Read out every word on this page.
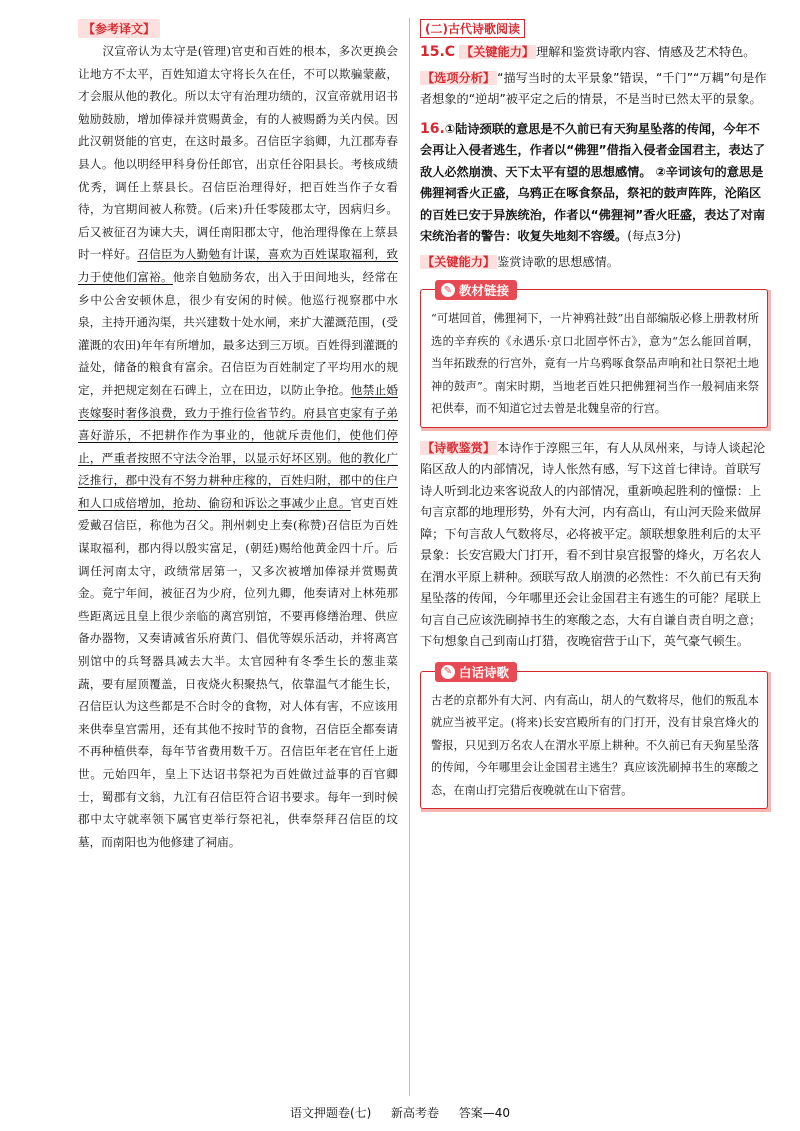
【参考译文】

汉宣帝认为太守是(管理)官吏和百姓的根本，多次更换会让地方不太平，百姓知道太守将长久在任，不可以欺骗蒙蔽，才会服从他的教化。所以太守有治理功绩的，汉宣帝就用诏书勉励鼓励，增加俸禄并赏赐黄金，有的人被赐爵为关内侯。因此汉朝贤能的官吏，在这时最多。召信臣字翁卿，九江郡寿春县人。他以明经甲科身份任郎官，出京任谷阳县长。考核成绩优秀，调任上蔡县长。召信臣治理得好，把百姓当作子女看待，为官期间被人称赞。(后来)升任零陵郡太守，因病归乡。后又被征召为谏大夫，调任南阳郡太守，他治理得像在上蔡县时一样好。召信臣为人勤勉有计谋，喜欢为百姓谋取福利，致力于使他们富裕。他亲自勉励务农，出入于田间地头，经常在乡中公舍安顿休息，很少有安闲的时候。他巡行视察郡中水泉，主持开通沟渠，共兴建数十处水闸，来扩大灌溉范围，(受灌溉的农田)年年有所增加，最多达到三万顷。百姓得到灌溉的益处，储备的粮食有富余。召信臣为百姓制定了平均用水的规定，并把规定刻在石碑上，立在田边，以防止争抢。他禁止婚丧嫁娶时奢侈浪费，致力于推行俭省节约。府县官吏家有子弟喜好游乐，不把耕作作为事业的，他就斥责他们，使他们停止，严重者按照不守法令治罪，以显示好坏区别。他的教化广泛推行，郡中没有不努力耕种庄稼的，百姓归附，郡中的住户和人口成倍增加，抢劫、偷窃和诉讼之事减少止息。官吏百姓爱戴召信臣，称他为召父。荆州刺史上奏(称赞)召信臣为百姓谋取福利，郡内得以殷实富足，(朝廷)赐给他黄金四十斤。后调任河南太守，政绩常居第一，又多次被增加俸禄并赏赐黄金。竟宁年间，被征召为少府，位列九卿，他奏请对上林苑那些距离远且皇上很少亲临的离宫别馆，不要再修缮治理、供应备办器物，又奏请减省乐府黄门、倡优等娱乐活动，并将离宫别馆中的兵弩器具减去大半。太官园种有冬季生长的葱韭菜蔬，要有屋顶覆盖，日夜烧火积聚热气，依靠温气才能生长，召信臣认为这些都是不合时令的食物，对人体有害，不应该用来供奉皇宫需用，还有其他不按时节的食物，召信臣全都奏请不再种植供奉，每年节省费用数千万。召信臣年老在官任上逝世。元始四年，皇上下达诏书祭祀为百姓做过益事的百官卿士，蜀郡有文翁，九江有召信臣符合诏书要求。每年一到时候郡中太守就率领下属官吏举行祭祀礼，供奉祭拜召信臣的坟墓，而南阳也为他修建了祠庙。

(二)古代诗歌阅读
15.C 【关键能力】 理解和鉴赏诗歌内容、情感及艺术特色。
【选项分析】 “描写当时的太平景象”错误，“千门”“万耦”句是作者想象的“逆胡”被平定之后的情景，不是当时已然太平的景象。
16.①陆诗颈联的意思是不久前已有天狗星坠落的传闻，今年不会再让入侵者逃生，作者以“佛狸”借指入侵者金国君主，表达了敌人必然崩溃、天下太平有望的思想感情。 ②辛词该句的意思是佛狸祠香火正盛，乌鸦正在啄食祭品，祭祀的鼓声阵阵，沦陷区的百姓已安于异族统治，作者以“佛狸祠”香火旺盛，表达了对南宋统治者的警告：收复失地刻不容缓。(每点3分)
【关键能力】 鉴赏诗歌的思想感情。
✎ 教材链接
“可堪回首，佛狸祠下，一片神鸦社鼓”出自部编版必修上册教材所选的辛弃疾的《永遇乐·京口北固亭怀古》，意为“怎么能回首啊，当年拓跋焘的行宫外，竟有一片乌鸦啄食祭品声响和社日祭祀土地神的鼓声”。南宋时期，当地老百姓只把佛狸祠当作一般祠庙来祭祀供奉，而不知道它过去曾是北魏皇帝的行宫。
【诗歌鉴赏】 本诗作于淳熙三年，有人从凤州来，与诗人谈起沦陷区敌人的内部情况，诗人怅然有感，写下这首七律诗。首联写诗人听到北边来客说敌人的内部情况，重新唤起胜利的憧憬：上句言京都的地理形势，外有大河，内有高山，有山河天险来做屏障；下句言敌人气数将尽，必将被平定。颔联想象胜利后的太平景象：长安宫殿大门打开，看不到甘泉宫报警的烽火，万名农人在渭水平原上耕种。颈联写敌人崩溃的必然性：不久前已有天狗星坠落的传闻，今年哪里还会让金国君主有逃生的可能？尾联上句言自己应该洗刷掉书生的寒酸之态，大有自谦自责自明之意；下句想象自己到南山打猎，夜晚宿营于山下，英气豪气顿生。
✎ 白话诗歌
古老的京都外有大河、内有高山，胡人的气数将尽，他们的叛乱本就应当被平定。(将来)长安宫殿所有的门打开，没有甘泉宫烽火的警报，只见到万名农人在渭水平原上耕种。不久前已有天狗星坠落的传闻，今年哪里会让金国君主逃生？真应该洗刷掉书生的寒酸之态，在南山打完猎后夜晚就在山下宿营。
语文押题卷(七) 新高考卷 答案—40
